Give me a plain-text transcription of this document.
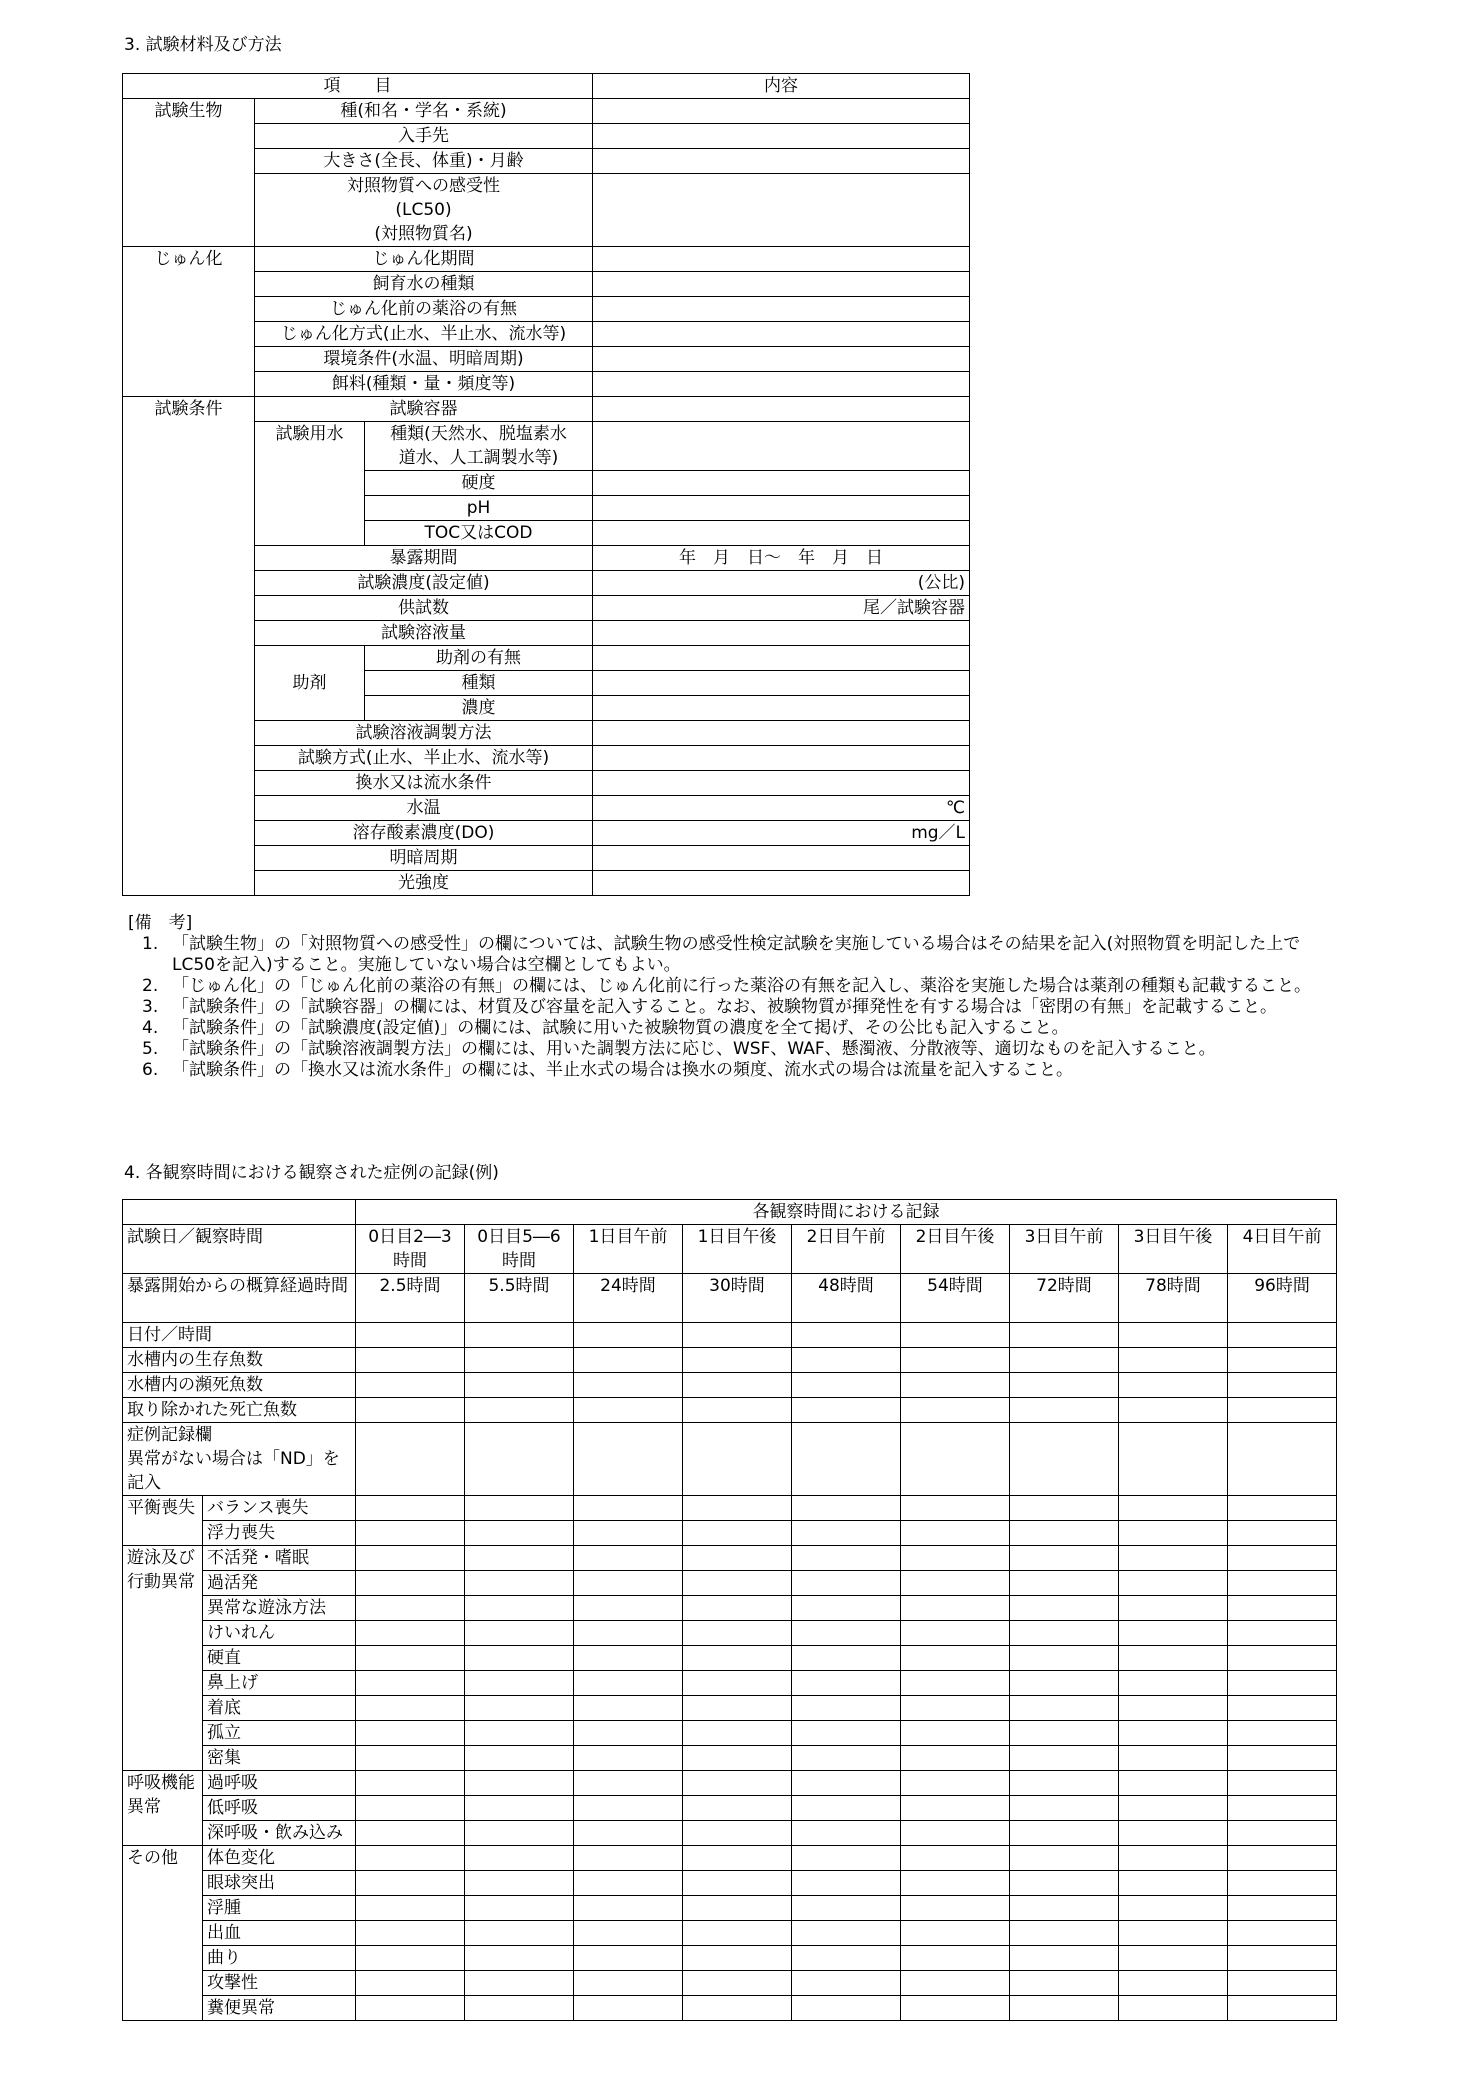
3. 試験材料及び方法
項　　目			内容
試験生物	種(和名・学名・系統)		
	入手先		
	大きさ(全長、体重)・月齢		

	対照物質への感受性
(LC50)
(対照物質名)		

じゅん化	じゅん化期間		
	飼育水の種類		
	じゅん化前の薬浴の有無		
	じゅん化方式(止水、半止水、流水等)		
	環境条件(水温、明暗周期)		
	餌料(種類・量・頻度等)		
試験条件	試験容器		
	試験用水	種類(天然水、脱塩素水
道水、人工調製水等)	

		硬度	
		pH	
		TOC又はCOD	
	暴露期間		年　月　日～　年　月　日
	試験濃度(設定値)		(公比)
	供試数		尾／試験容器
	試験溶液量		
	助剤	助剤の有無	
		種類	
		濃度	
	試験溶液調製方法		
	試験方式(止水、半止水、流水等)		
	換水又は流水条件		
	水温		℃
	溶存酸素濃度(DO)		mg／L
	明暗周期		
	光強度		
[備　考]
1. 「試験生物」の「対照物質への感受性」の欄については、試験生物の感受性検定試験を実施している場合はその結果を記入(対照物質を明記した上でLC50を記入)すること。実施していない場合は空欄としてもよい。
2. 「じゅん化」の「じゅん化前の薬浴の有無」の欄には、じゅん化前に行った薬浴の有無を記入し、薬浴を実施した場合は薬剤の種類も記載すること。
3. 「試験条件」の「試験容器」の欄には、材質及び容量を記入すること。なお、被験物質が揮発性を有する場合は「密閉の有無」を記載すること。
4. 「試験条件」の「試験濃度(設定値)」の欄には、試験に用いた被験物質の濃度を全て掲げ、その公比も記入すること。
5. 「試験条件」の「試験溶液調製方法」の欄には、用いた調製方法に応じ、WSF、WAF、懸濁液、分散液等、適切なものを記入すること。
6. 「試験条件」の「換水又は流水条件」の欄には、半止水式の場合は換水の頻度、流水式の場合は流量を記入すること。
4. 各観察時間における観察された症例の記録(例)
		各観察時間における記録								
試験日／観察時間		0日目2―3時間	0日目5―6時間	1日目午前	1日目午後	2日目午前	2日目午後	3日目午前	3日目午後	4日目午前
暴露開始からの概算経過時間		2.5時間	5.5時間	24時間	30時間	48時間	54時間	72時間	78時間	96時間
日付／時間										
水槽内の生存魚数										
水槽内の瀕死魚数										
取り除かれた死亡魚数										
症例記録欄
異常がない場合は「ND」を記入										
平衡喪失	バランス喪失									
	浮力喪失									
遊泳及び行動異常	不活発・嗜眠									
	過活発									
	異常な遊泳方法									
	けいれん									
	硬直									
	鼻上げ									
	着底									
	孤立									
	密集									
呼吸機能異常	過呼吸									
	低呼吸									
	深呼吸・飲み込み									
その他	体色変化									
	眼球突出									
	浮腫									
	出血									
	曲り									
	攻撃性									
	糞便異常									
